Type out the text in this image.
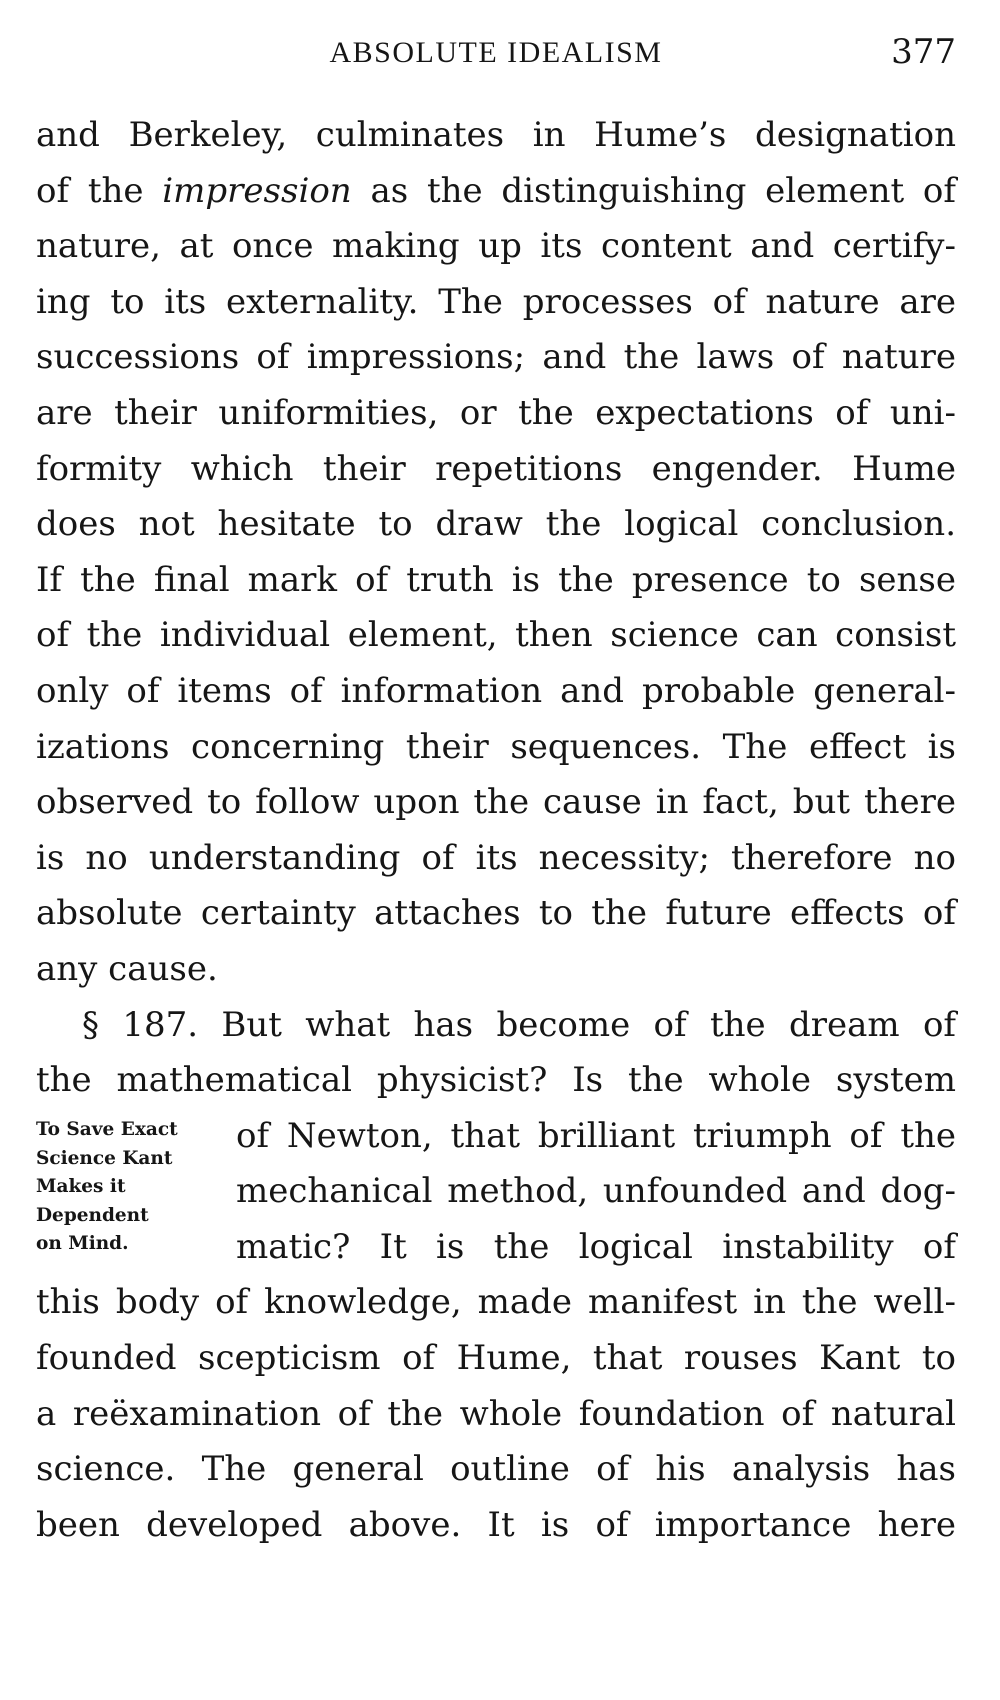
ABSOLUTE IDEALISM	377
and Berkeley, culminates in Hume’s designation
of the impression as the distinguishing element of
nature, at once making up its content and certify-
ing to its externality. The processes of nature are
successions of impressions; and the laws of nature
are their uniformities, or the expectations of uni-
formity which their repetitions engender. Hume
does not hesitate to draw the logical conclusion.
If the final mark of truth is the presence to sense
of the individual element, then science can consist
only of items of information and probable general-
izations concerning their sequences. The effect is
observed to follow upon the cause in fact, but there
is no understanding of its necessity; therefore no
absolute certainty attaches to the future effects of
any cause.
§ 187. But what has become of the dream of
the mathematical physicist? Is the whole system
of Newton, that brilliant triumph of the
mechanical method, unfounded and dog-
matic? It is the logical instability of
this body of knowledge, made manifest in the well-
founded scepticism of Hume, that rouses Kant to
a reëxamination of the whole foundation of natural
science. The general outline of his analysis has
been developed above. It is of importance here
To Save Exact
Science Kant
Makes it
Dependent
on Mind.
